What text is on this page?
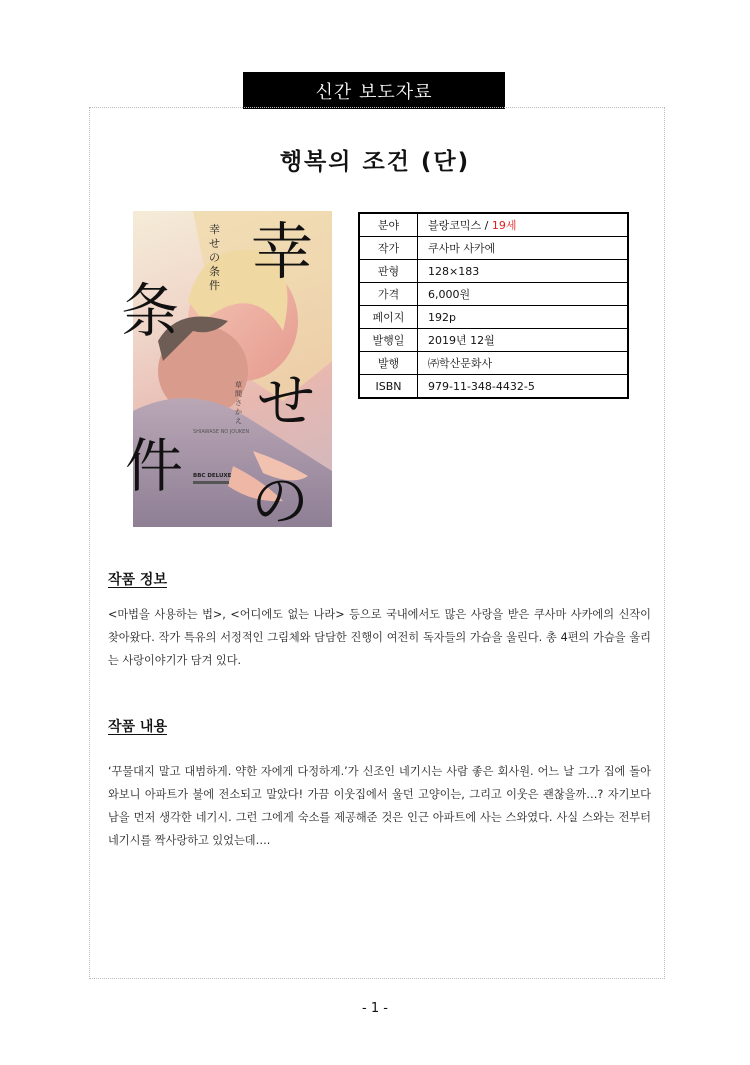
신간 보도자료
행복의 조건 (단)
幸
せ
の
条
件
幸
せ
の
条
件
草
間
さ
か
え
SHIAWASE NO JOUKEN
BBC DELUXE
분야	블랑코믹스 / 19세
작가	쿠사마 사카에
판형	128×183
가격	6,000원
페이지	192p
발행일	2019년 12월
발행	㈜학산문화사
ISBN	979-11-348-4432-5
작품 정보

<마법을 사용하는 법>, <어디에도 없는 나라> 등으로 국내에서도 많은 사랑을 받은 쿠사마 사카에의 신작이 찾아왔다. 작가 특유의 서정적인 그림체와 담담한 진행이 여전히 독자들의 가슴을 울린다. 총 4편의 가슴을 울리는 사랑이야기가 담겨 있다.

작품 내용

‘꾸물대지 말고 대범하게. 약한 자에게 다정하게.’가 신조인 네기시는 사람 좋은 회사원. 어느 날 그가 집에 돌아와보니 아파트가 불에 전소되고 말았다! 가끔 이웃집에서 울던 고양이는, 그리고 이웃은 괜찮을까…? 자기보다 남을 먼저 생각한 네기시. 그런 그에게 숙소를 제공해준 것은 인근 아파트에 사는 스와였다. 사실 스와는 전부터 네기시를 짝사랑하고 있었는데….

- 1 -
